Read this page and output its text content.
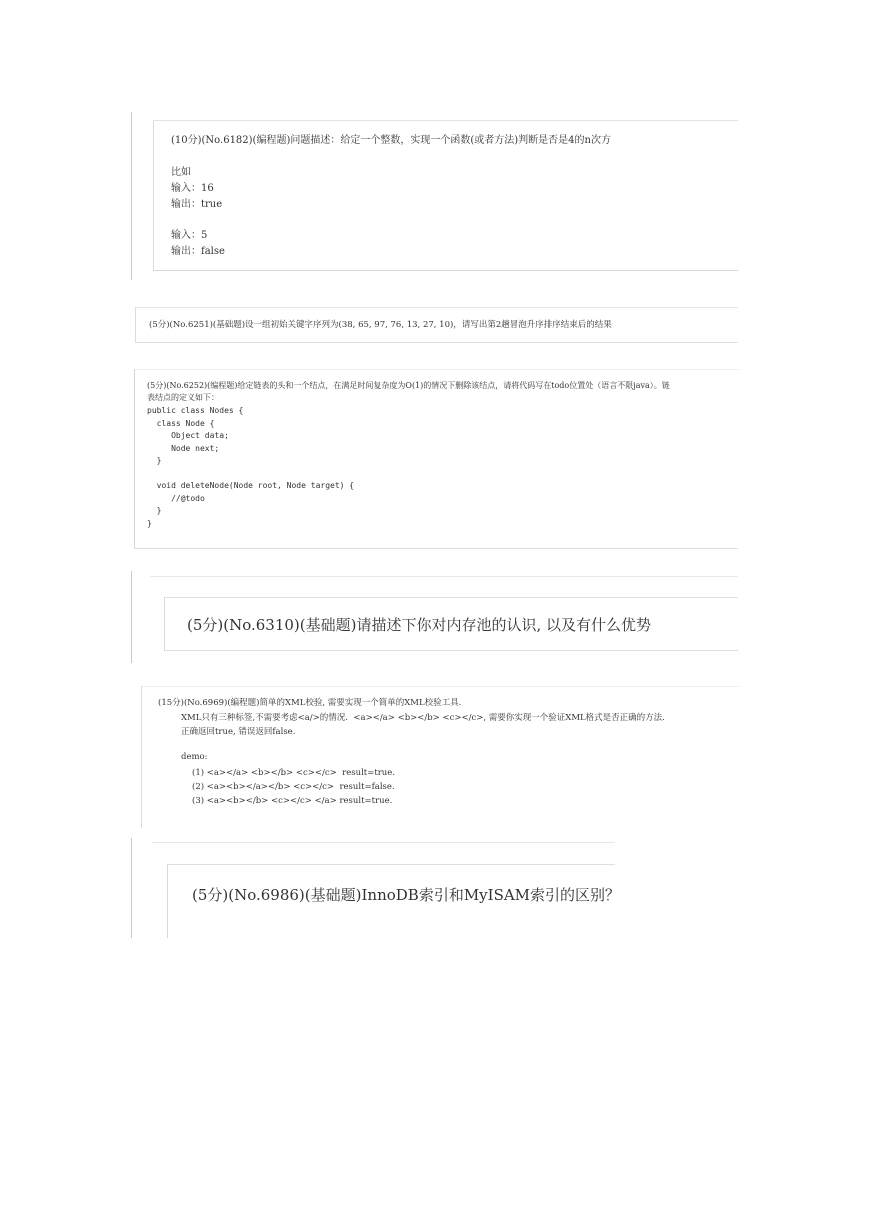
(10分)(No.6182)(编程题)问题描述：给定一个整数，实现一个函数(或者方法)判断是否是4的n次方
比如
输入：16
输出：true
输入：5
输出：false
(5分)(No.6251)(基础题)设一组初始关键字序列为(38, 65, 97, 76, 13, 27, 10)，请写出第2趟冒泡升序排序结束后的结果
(5分)(No.6252)(编程题)给定链表的头和一个结点，在满足时间复杂度为O(1)的情况下删除该结点，请将代码写在todo位置处（语言不限java）。链
表结点的定义如下：
public class Nodes {
class Node {
Object data;
Node next;
}
void deleteNode(Node root, Node target) {
//@todo
}
}
(5分)(No.6310)(基础题)请描述下你对内存池的认识, 以及有什么优势
(15分)(No.6969)(编程题)简单的XML校验, 需要实现一个简单的XML校验工具.
XML只有三种标签,不需要考虑<a/>的情况.  <a></a> <b></b> <c></c>, 需要你实现一个验证XML格式是否正确的方法.
正确返回true, 错误返回false.
demo:
(1) <a></a> <b></b> <c></c>  result=true.
(2) <a><b></a></b> <c></c>  result=false.
(3) <a><b></b> <c></c> </a> result=true.
(5分)(No.6986)(基础题)InnoDB索引和MyISAM索引的区别？
